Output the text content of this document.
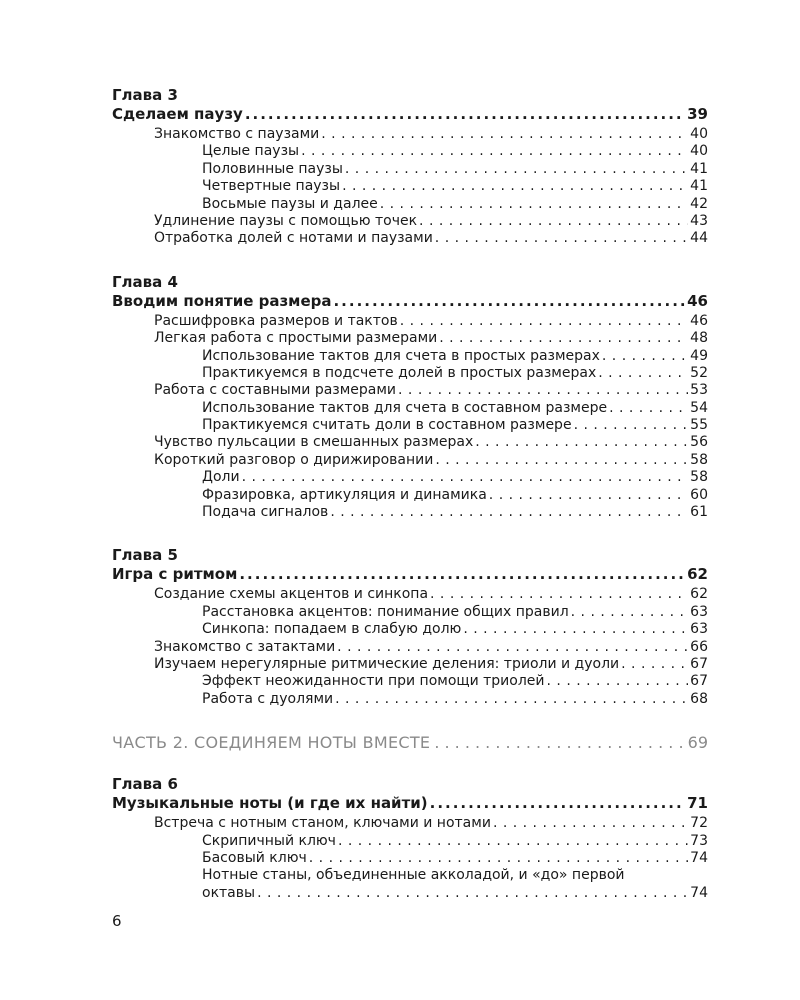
Глава 3
Сделаем паузу .....	39
Знакомство с паузами . . .	40
Целые паузы . . .	40
Половинные паузы . . .	41
Четвертные паузы . . .	41
Восьмые паузы и далее . . .	42
Удлинение паузы с помощью точек . . .	43
Отработка долей с нотами и паузами . . .	44
Глава 4
Вводим понятие размера .....	46
Расшифровка размеров и тактов . . .	46
Легкая работа с простыми размерами . . .	48
Использование тактов для счета в простых размерах . . .	49
Практикуемся в подсчете долей в простых размерах . . .	52
Работа с составными размерами . . .	53
Использование тактов для счета в составном размере . . .	54
Практикуемся считать доли в составном размере . . .	55
Чувство пульсации в смешанных размерах . . .	56
Короткий разговор о дирижировании . . .	58
Доли . . .	58
Фразировка, артикуляция и динамика . . .	60
Подача сигналов . . .	61
Глава 5
Игра с ритмом .....	62
Создание схемы акцентов и синкопа . . .	62
Расстановка акцентов: понимание общих правил . . .	63
Синкопа: попадаем в слабую долю . . .	63
Знакомство с затактами . . .	66
Изучаем нерегулярные ритмические деления: триоли и дуоли . . .	67
Эффект неожиданности при помощи триолей . . .	67
Работа с дуолями . . .	68
ЧАСТЬ 2. СОЕДИНЯЕМ НОТЫ ВМЕСТЕ . . .	69
Глава 6
Музыкальные ноты (и где их найти) .....	71
Встреча с нотным станом, ключами и нотами . . .	72
Скрипичный ключ . . .	73
Басовый ключ . . .	74
Нотные станы, объединенные акколадой, и «до» первой
октавы . . .	74
6
